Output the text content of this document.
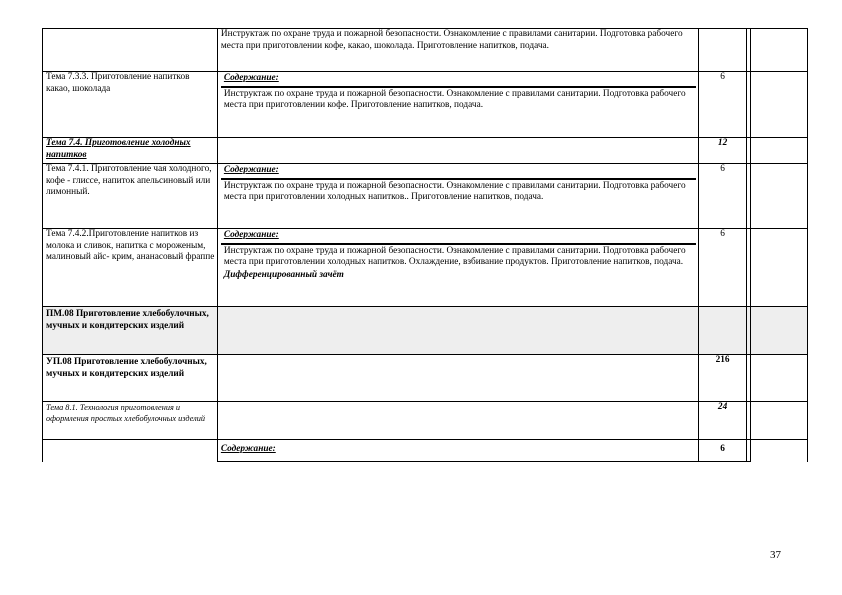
	Инструктаж по охране труда и пожарной безопасности. Ознакомление с правилами санитарии. Подготовка рабочего места при приготовлении кофе, какао, шоколада. Приготовление напитков, подача.			
Тема 7.3.3. Приготовление напитков какао, шоколада	Содержание:
Инструктаж по охране труда и пожарной безопасности. Ознакомление с правилами санитарии. Подготовка рабочего места при приготовлении кофе. Приготовление напитков, подача.	6		
Тема 7.4. Приготовление холодных напитков		12		
Тема 7.4.1. Приготовление чая холодного, кофе - глиссе, напиток апельсиновый или лимонный.	Содержание:
Инструктаж по охране труда и пожарной безопасности. Ознакомление с правилами санитарии. Подготовка рабочего места при приготовлении холодных напитков.. Приготовление напитков, подача.	6		
Тема 7.4.2.Приготовление напитков из молока и сливок, напитка с мороженым, малиновый айс- крим, ананасовый фраппе	Содержание:
Инструктаж по охране труда и пожарной безопасности. Ознакомление с правилами санитарии. Подготовка рабочего места при приготовлении холодных напитков. Охлаждение, взбивание продуктов. Приготовление напитков, подача.
Дифференцированный зачёт	6		
ПМ.08 Приготовление хлебобулочных, мучных и кондитерских изделий				
УП.08 Приготовление хлебобулочных, мучных и кондитерских изделий		216		
Тема 8.1. Технология приготовления и оформления простых хлебобулочных изделий		24		
	Содержание:	6		
37
